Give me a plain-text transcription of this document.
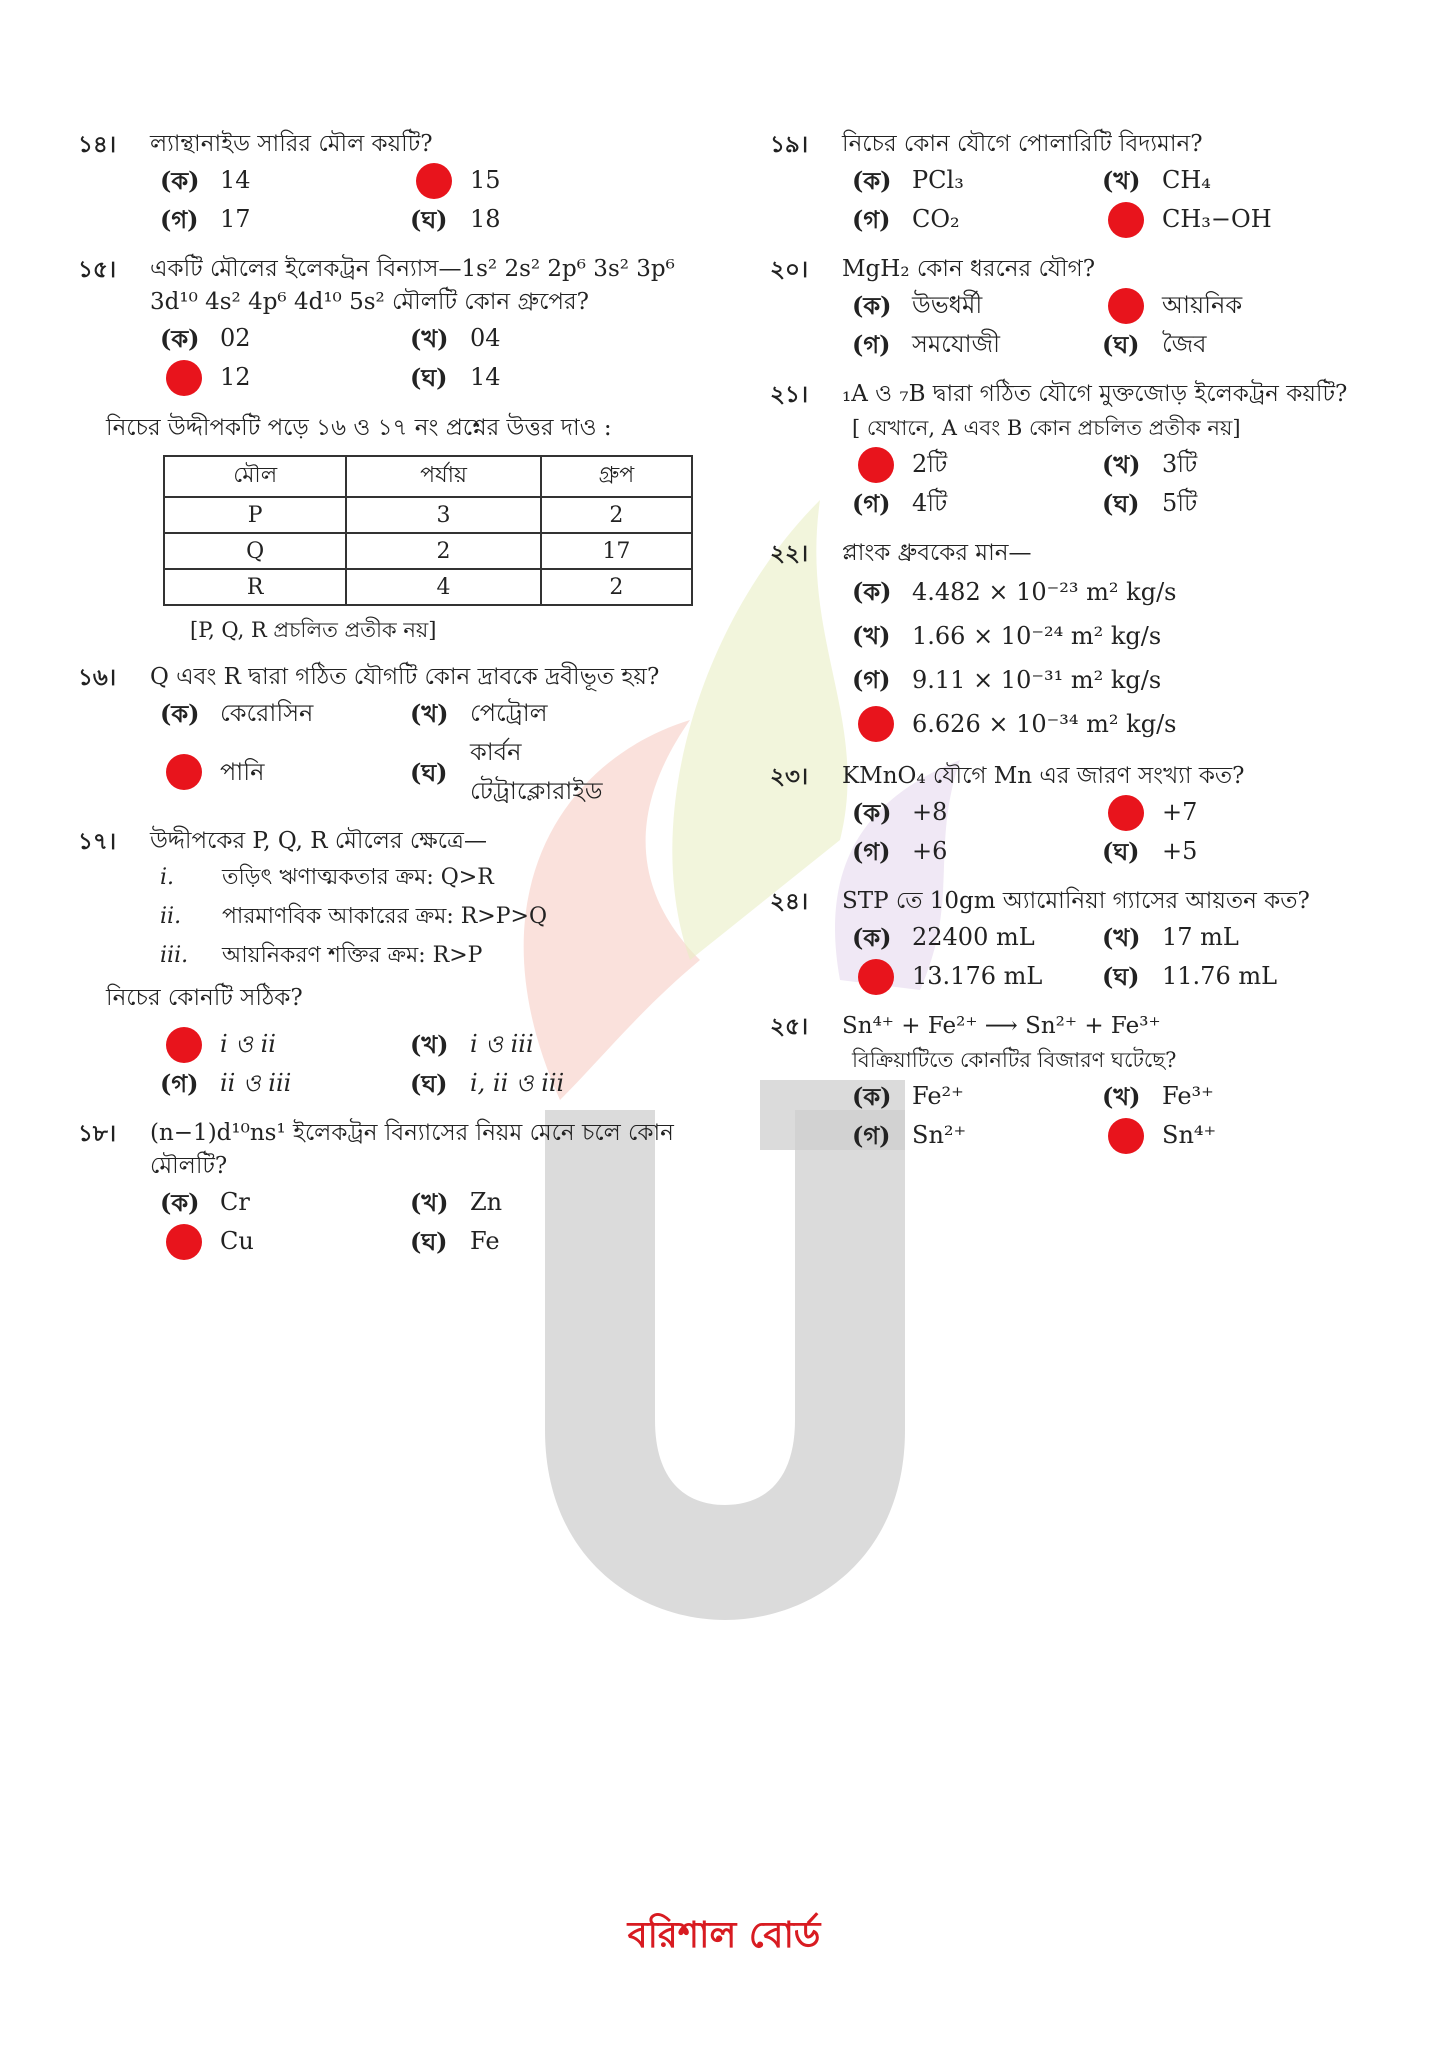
১৪।	ল্যান্থানাইড সারির মৌল কয়টি?
(ক) 14	15
(গ) 17	(ঘ) 18
১৫।	একটি মৌলের ইলেকট্রন বিন্যাস—1s² 2s² 2p⁶ 3s² 3p⁶ 3d¹⁰ 4s² 4p⁶ 4d¹⁰ 5s² মৌলটি কোন গ্রুপের?
(ক) 02	(খ) 04
12	(ঘ) 14
নিচের উদ্দীপকটি পড়ে ১৬ ও ১৭ নং প্রশ্নের উত্তর দাও :
মৌল	পর্যায়	গ্রুপ
P	3	2
Q	2	17
R	4	2
[P, Q, R প্রচলিত প্রতীক নয়]
১৬।	Q এবং R দ্বারা গঠিত যৌগটি কোন দ্রাবকে দ্রবীভূত হয়?
(ক) কেরোসিন	(খ) পেট্রোল
পানি	(ঘ)
কার্বন টেট্রাক্লোরাইড
১৭।	উদ্দীপকের P, Q, R মৌলের ক্ষেত্রে—
i.	তড়িৎ ঋণাত্মকতার ক্রম: Q>R
ii.	পারমাণবিক আকারের ক্রম: R>P>Q
iii.	আয়নিকরণ শক্তির ক্রম: R>P
নিচের কোনটি সঠিক?
i ও ii	(খ) i ও iii
(গ) ii ও iii	(ঘ) i, ii ও iii
১৮।	(n−1)d¹⁰ns¹ ইলেকট্রন বিন্যাসের নিয়ম মেনে চলে কোন মৌলটি?
(ক) Cr	(খ) Zn
Cu	(ঘ) Fe
১৯।	নিচের কোন যৌগে পোলারিটি বিদ্যমান?
(ক) PCl₃	(খ) CH₄
(গ) CO₂	CH₃−OH
২০।	MgH₂ কোন ধরনের যৌগ?
(ক) উভধর্মী	আয়নিক
(গ) সমযোজী	(ঘ) জৈব
২১।	₁A ও ₇B দ্বারা গঠিত যৌগে মুক্তজোড় ইলেকট্রন কয়টি?
[ যেখানে, A এবং B কোন প্রচলিত প্রতীক নয়]
2টি	(খ) 3টি
(গ) 4টি	(ঘ) 5টি
২২।	প্লাংক ধ্রুবকের মান—
(ক) 4.482 × 10⁻²³ m² kg/s
(খ) 1.66 × 10⁻²⁴ m² kg/s
(গ) 9.11 × 10⁻³¹ m² kg/s
6.626 × 10⁻³⁴ m² kg/s
২৩।	KMnO₄ যৌগে Mn এর জারণ সংখ্যা কত?
(ক) +8	+7
(গ) +6	(ঘ) +5
২৪।	STP তে 10gm অ্যামোনিয়া গ্যাসের আয়তন কত?
(ক) 22400 mL	(খ) 17 mL
13.176 mL (ঘ) 11.76 mL
২৫।	Sn⁴⁺ + Fe²⁺ ⟶ Sn²⁺ + Fe³⁺
বিক্রিয়াটিতে কোনটির বিজারণ ঘটেছে?
(ক) Fe²⁺	(খ) Fe³⁺
(গ) Sn²⁺	Sn⁴⁺
বরিশাল বোর্ড
